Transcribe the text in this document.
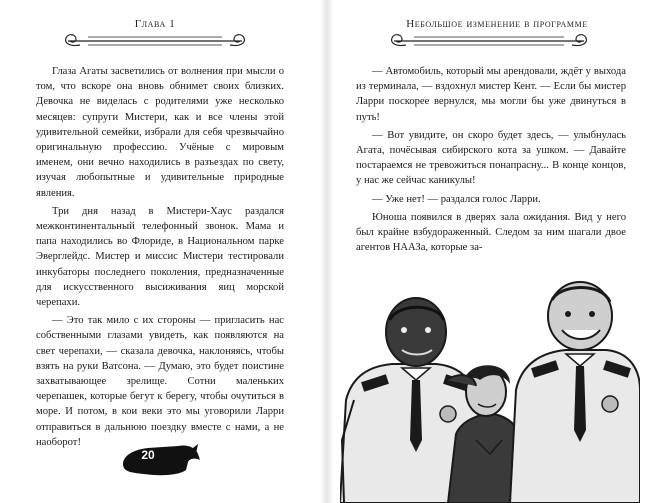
Глава 1

Глаза Агаты засветились от волнения при мысли о том, что вскоре она вновь обнимет своих близких. Девочка не виделась с родителями уже несколько месяцев: супруги Мистери, как и все члены этой удивительной семейки, избрали для себя чрезвычайно оригинальную профессию. Учёные с мировым именем, они вечно находились в разъездах по свету, изучая любопытные и удивительные природные явления.

Три дня назад в Мистери-Хаус раздался межконтинентальный телефонный звонок. Мама и папа находились во Флориде, в Национальном парке Эверглейдс. Мистер и миссис Мистери тестировали инкубаторы последнего поколения, предназначенные для искусственного высиживания яиц морской черепахи.

— Это так мило с их стороны — пригласить нас собственными глазами увидеть, как появляются на свет черепахи, — сказала девочка, наклоняясь, чтобы взять на руки Ватсона. — Думаю, это будет поистине захватывающее зрелище. Сотни маленьких черепашек, которые бегут к берегу, чтобы очутиться в море. И потом, в кои веки это мы уговорили Ларри отправиться в дальнюю поездку вместе с нами, а не наоборот!

20
Небольшое изменение в программе

— Автомобиль, который мы арендовали, ждёт у выхода из терминала, — вздохнул мистер Кент. — Если бы мистер Ларри поскорее вернулся, мы могли бы уже двинуться в путь!

— Вот увидите, он скоро будет здесь, — улыбнулась Агата, почёсывая сибирского кота за ушком. — Давайте постараемся не тревожиться понапрасну... В конце концов, у нас же сейчас каникулы!

— Уже нет! — раздался голос Ларри.

Юноша появился в дверях зала ожидания. Вид у него был крайне взбудораженный. Следом за ним шагали двое агентов НААЗа, которые за-
